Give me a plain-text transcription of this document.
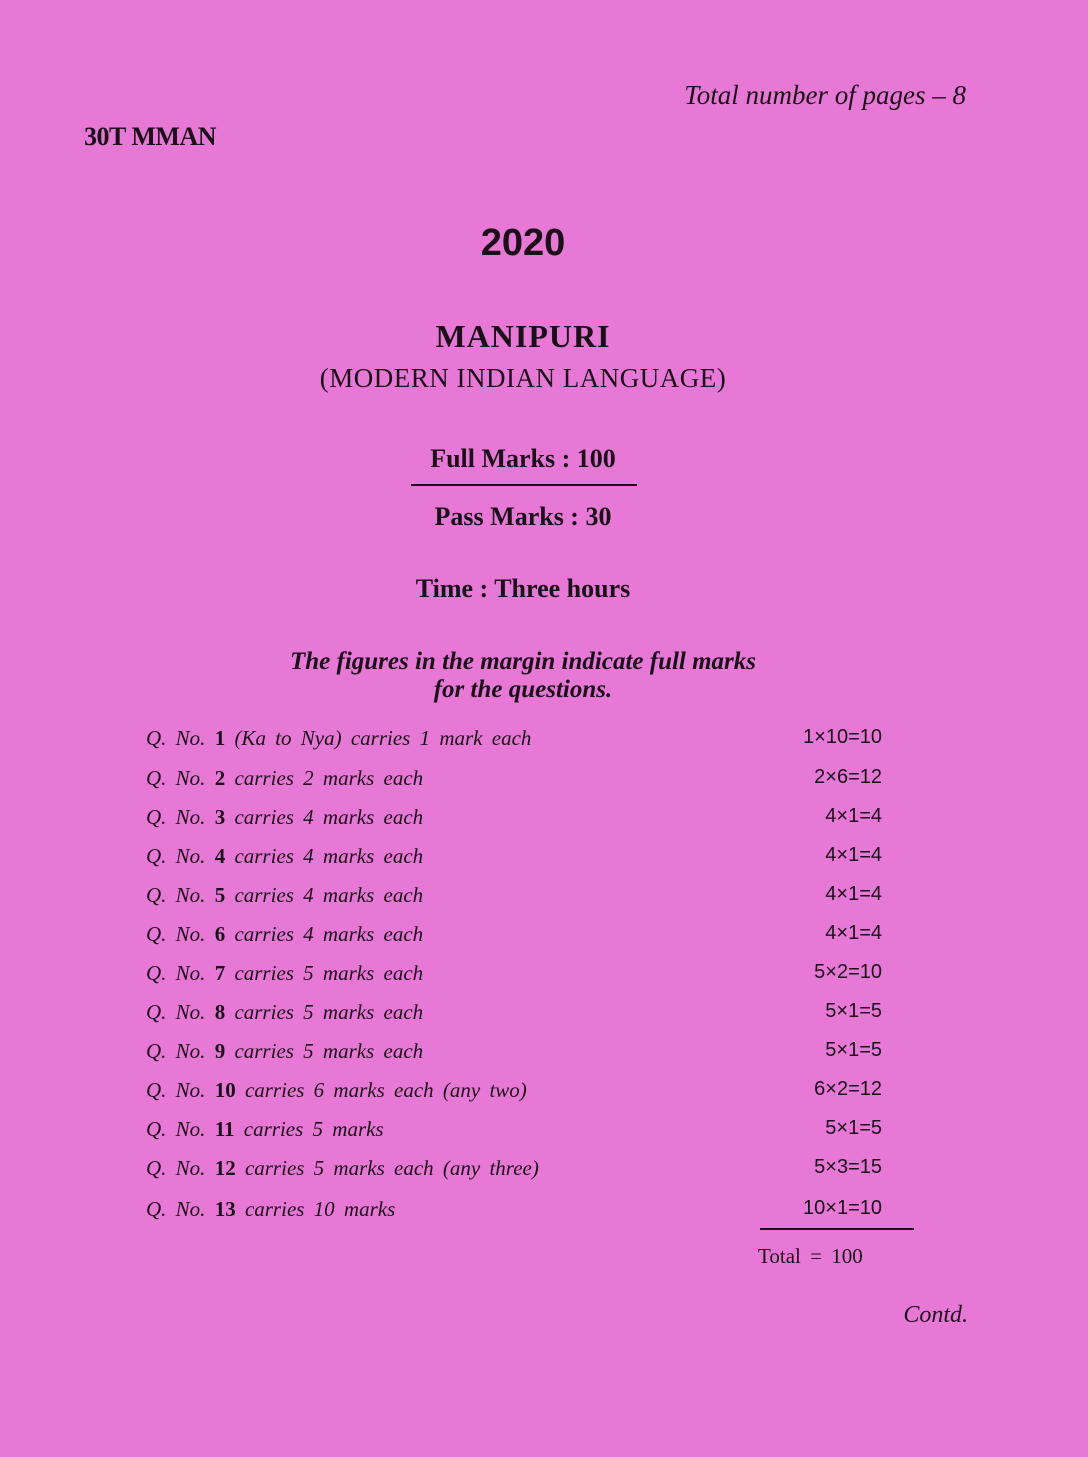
Total number of pages – 8
30T MMAN
2020
MANIPURI
(MODERN INDIAN LANGUAGE)
Full Marks : 100
Pass Marks : 30
Time : Three hours
The figures in the margin indicate full marks
for the questions.
Q. No. 1 (Ka to Nya) carries 1 mark each	1×10=10
Q. No. 2 carries 2 marks each	2×6=12
Q. No. 3 carries 4 marks each	4×1=4
Q. No. 4 carries 4 marks each	4×1=4
Q. No. 5 carries 4 marks each	4×1=4
Q. No. 6 carries 4 marks each	4×1=4
Q. No. 7 carries 5 marks each	5×2=10
Q. No. 8 carries 5 marks each	5×1=5
Q. No. 9 carries 5 marks each	5×1=5
Q. No. 10 carries 6 marks each (any two)	6×2=12
Q. No. 11 carries 5 marks	5×1=5
Q. No. 12 carries 5 marks each (any three)	5×3=15
Q. No. 13 carries 10 marks	10×1=10
Total = 100
Contd.
